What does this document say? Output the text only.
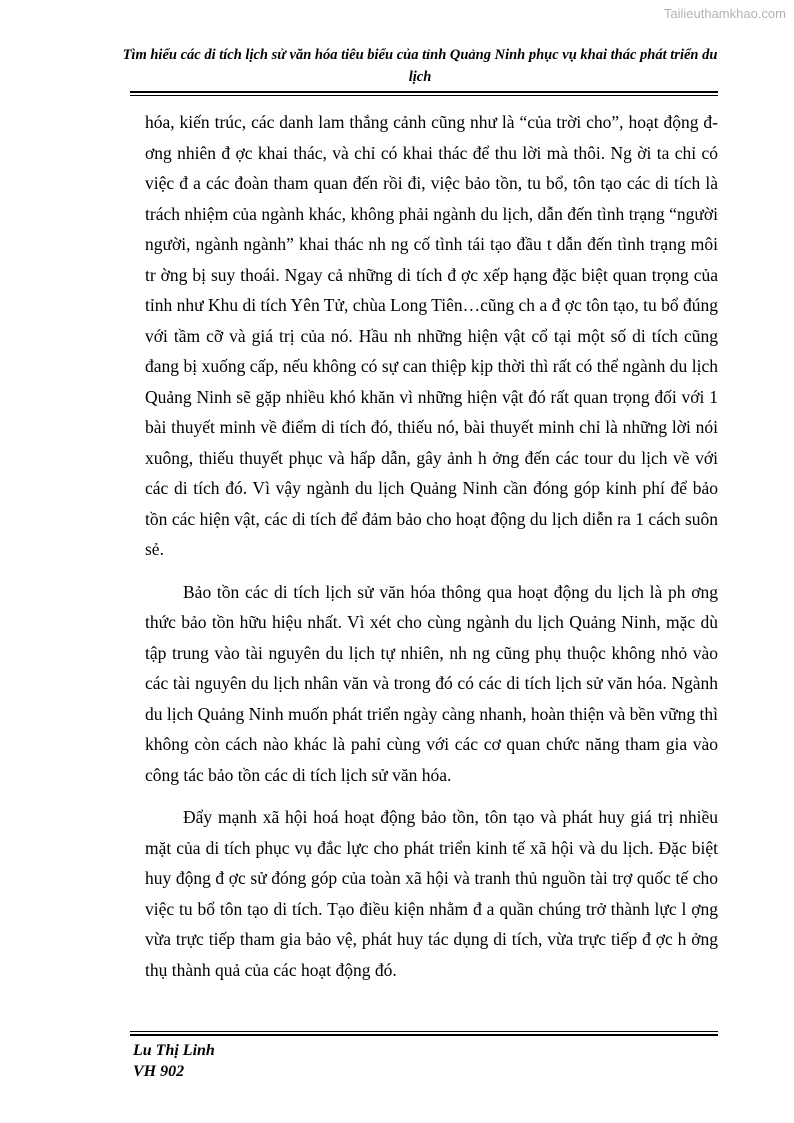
Tailieuthamkhao.com
Tìm hiểu các di tích lịch sử văn hóa tiêu biểu của tỉnh Quảng Ninh phục vụ khai thác phát triển du lịch

hóa, kiến trúc, các danh lam thắng cảnh cũng như là “của trời cho”, hoạt động đ ơng nhiên đ ợc khai thác, và chỉ có khai thác để thu lời mà thôi. Ng ời ta chỉ có việc đ a các đoàn tham quan đến rồi đi, việc bảo tồn, tu bổ, tôn tạo các di tích là trách nhiệm của ngành khác, không phải ngành du lịch, dẫn đến tình trạng “người người, ngành ngành” khai thác nh ng cố tình tái tạo đầu t dẫn đến tình trạng môi tr ờng bị suy thoái. Ngay cả những di tích đ ợc xếp hạng đặc biệt quan trọng của tỉnh như Khu di tích Yên Tử, chùa Long Tiên…cũng ch a đ ợc tôn tạo, tu bổ đúng với tầm cỡ và giá trị của nó. Hầu nh những hiện vật cổ tại một số di tích cũng đang bị xuống cấp, nếu không có sự can thiệp kịp thời thì rất có thể ngành du lịch Quảng Ninh sẽ gặp nhiều khó khăn vì những hiện vật đó rất quan trọng đối với 1 bài thuyết minh về điểm di tích đó, thiếu nó, bài thuyết minh chỉ là những lời nói xuông, thiếu thuyết phục và hấp dẫn, gây ảnh h ởng đến các tour du lịch về với các di tích đó. Vì vậy ngành du lịch Quảng Ninh cần đóng góp kinh phí để bảo tồn các hiện vật, các di tích để đảm bảo cho hoạt động du lịch diễn ra 1 cách suôn sẻ.

Bảo tồn các di tích lịch sử văn hóa thông qua hoạt động du lịch là ph ơng thức bảo tồn hữu hiệu nhất. Vì xét cho cùng ngành du lịch Quảng Ninh, mặc dù tập trung vào tài nguyên du lịch tự nhiên, nh ng cũng phụ thuộc không nhỏ vào các tài nguyên du lịch nhân văn và trong đó có các di tích lịch sử văn hóa. Ngành du lịch Quảng Ninh muốn phát triển ngày càng nhanh, hoàn thiện và bền vững thì không còn cách nào khác là pahỉ cùng với các cơ quan chức năng tham gia vào công tác bảo tồn các di tích lịch sử văn hóa.

Đẩy mạnh xã hội hoá hoạt động bảo tồn, tôn tạo và phát huy giá trị nhiều mặt của di tích phục vụ đắc lực cho phát triển kinh tế xã hội và du lịch. Đặc biệt huy động đ ợc sử đóng góp của toàn xã hội và tranh thủ nguồn tài trợ quốc tế cho việc tu bổ tôn tạo di tích. Tạo điều kiện nhằm đ a quần chúng trở thành lực l ợng vừa trực tiếp tham gia bảo vệ, phát huy tác dụng di tích, vừa trực tiếp đ ợc h ởng thụ thành quả của các hoạt động đó.

Lu Thị Linh
VH 902
